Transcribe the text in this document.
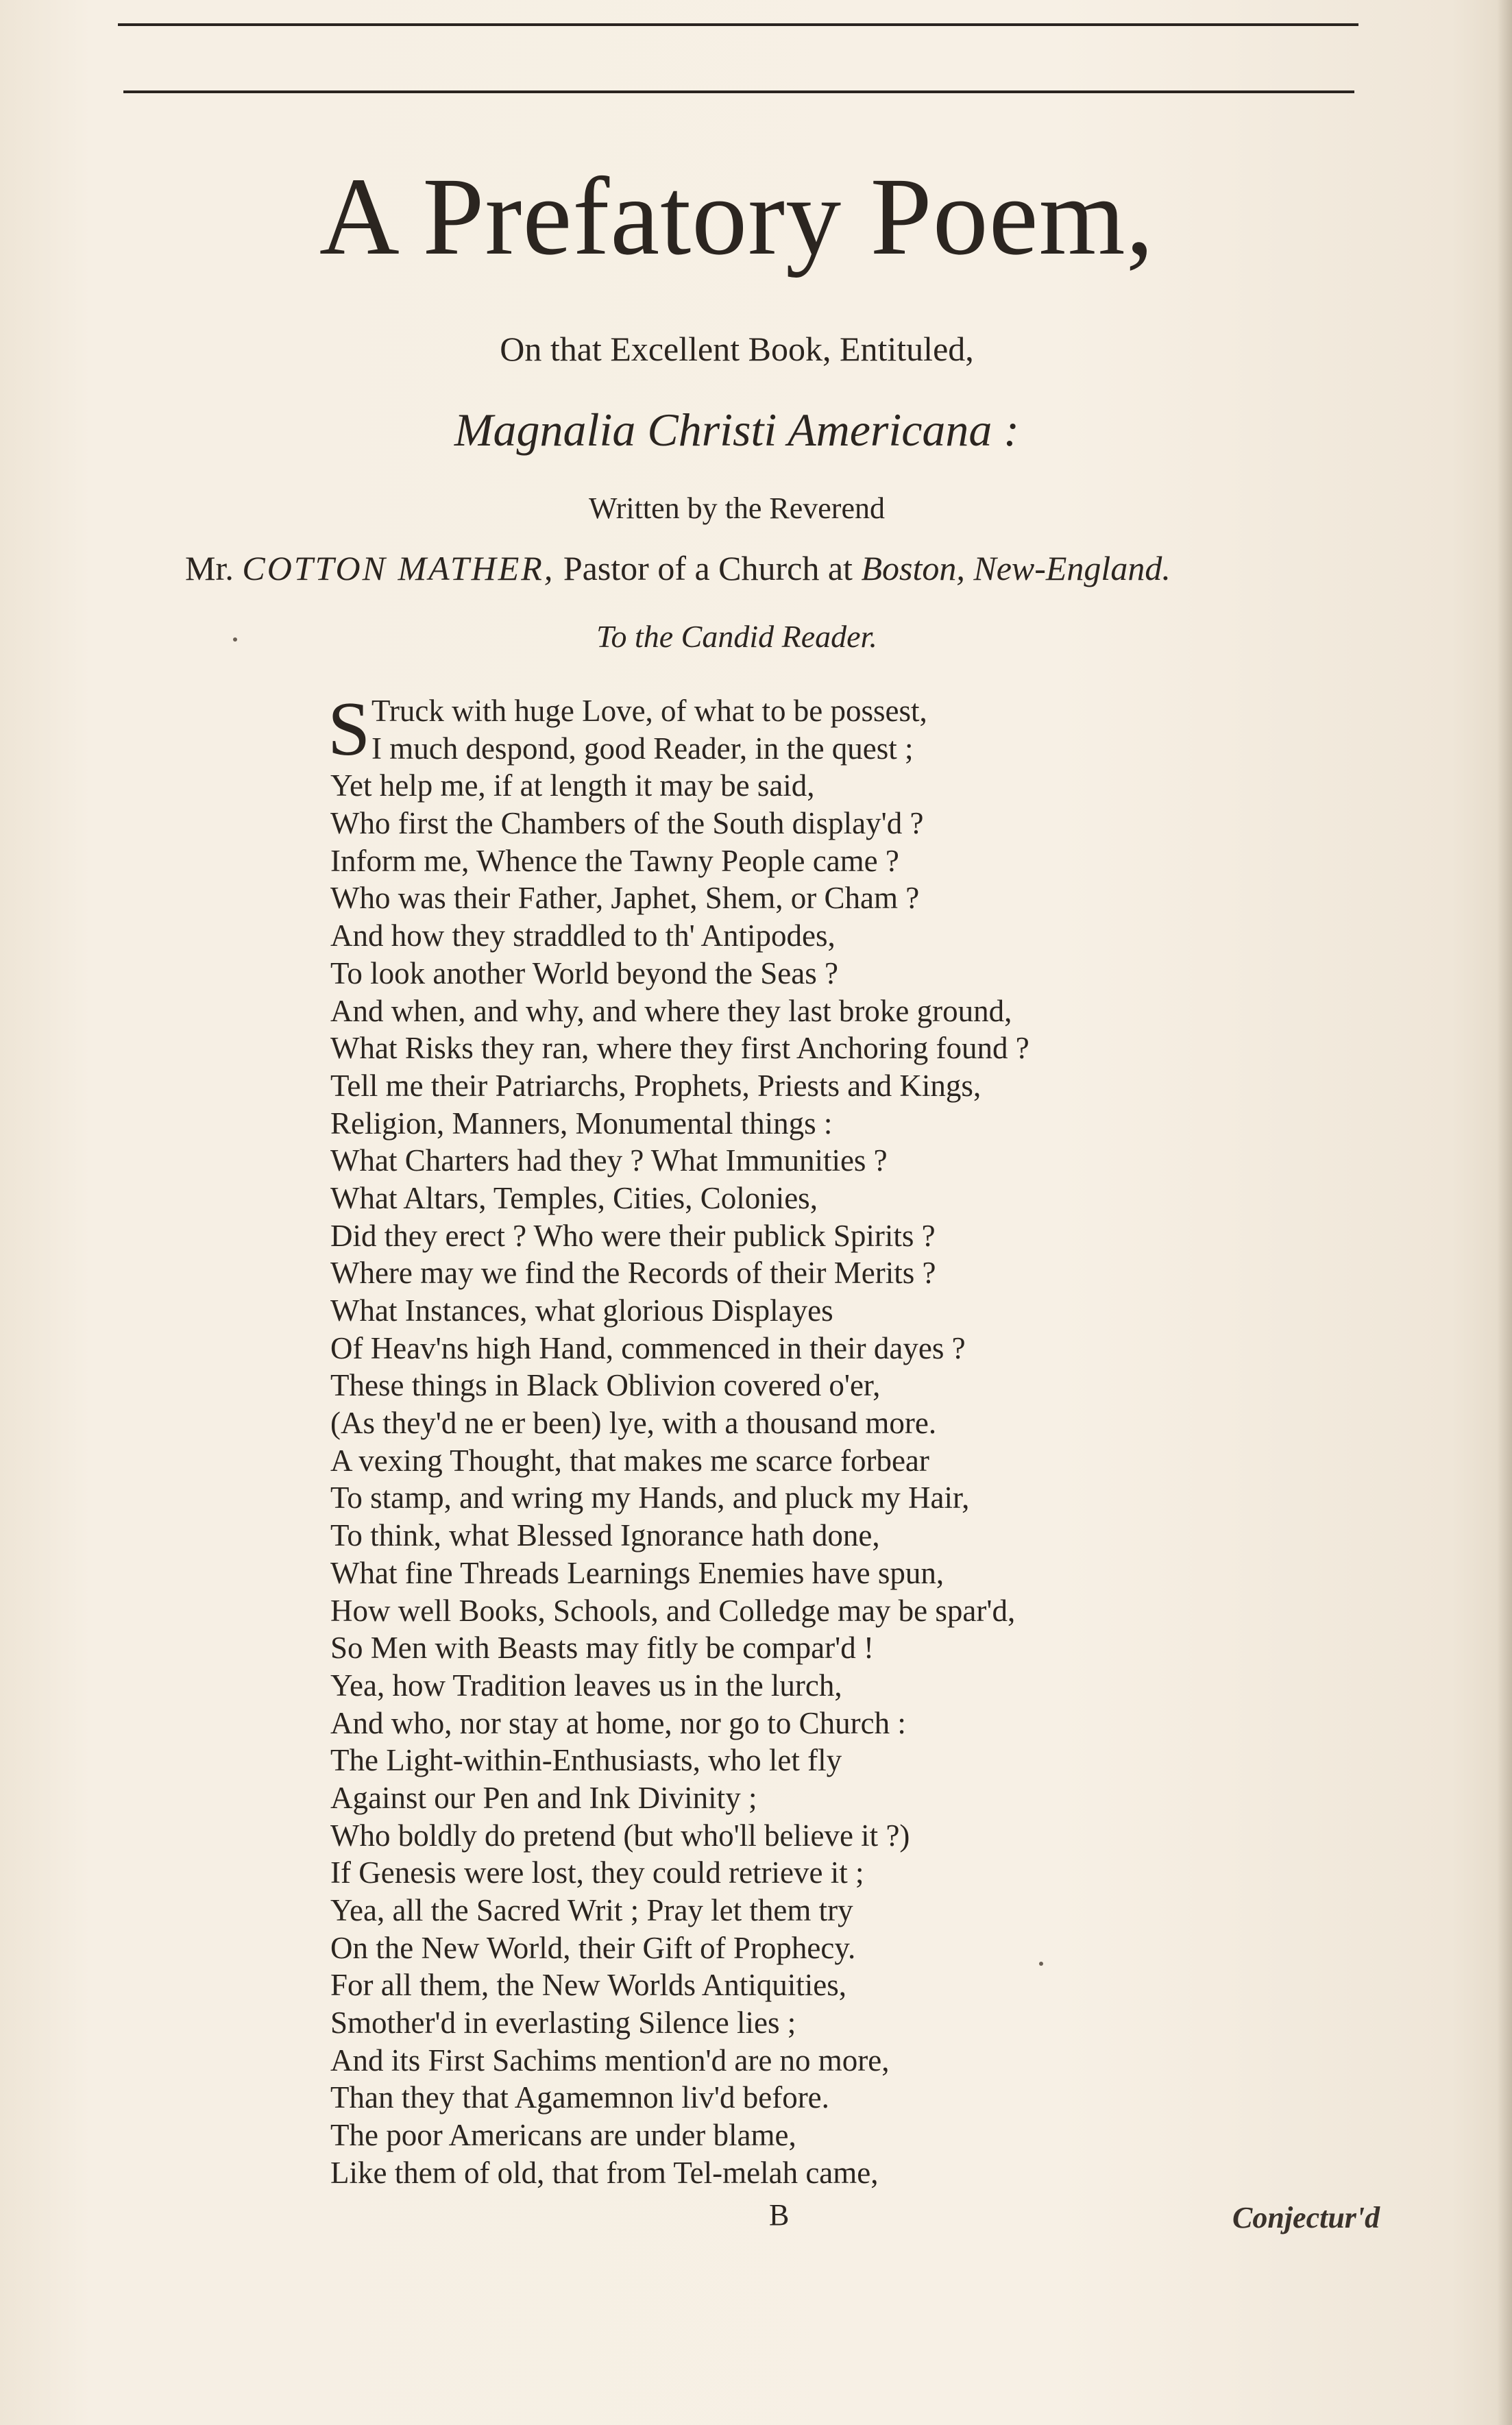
A Prefatory Poem,
On that Excellent Book, Entituled,
Magnalia Christi Americana :
Written by the Reverend
Mr. COTTON MATHER, Pastor of a Church at Boston, New-England.
To the Candid Reader.
S Truck with huge Love, of what to be possest,
I much despond, good Reader, in the quest ;
Yet help me, if at length it may be said,
Who first the Chambers of the South display'd ?
Inform me, Whence the Tawny People came ?
Who was their Father, Japhet, Shem, or Cham ?
And how they straddled to th' Antipodes,
To look another World beyond the Seas ?
And when, and why, and where they last broke ground,
What Risks they ran, where they first Anchoring found ?
Tell me their Patriarchs, Prophets, Priests and Kings,
Religion, Manners, Monumental things :
What Charters had they ? What Immunities ?
What Altars, Temples, Cities, Colonies,
Did they erect ? Who were their publick Spirits ?
Where may we find the Records of their Merits ?
What Instances, what glorious Displayes
Of Heav'ns high Hand, commenced in their dayes ?
These things in Black Oblivion covered o'er,
(As they'd ne er been) lye, with a thousand more.
A vexing Thought, that makes me scarce forbear
To stamp, and wring my Hands, and pluck my Hair,
To think, what Blessed Ignorance hath done,
What fine Threads Learnings Enemies have spun,
How well Books, Schools, and Colledge may be spar'd,
So Men with Beasts may fitly be compar'd !
Yea, how Tradition leaves us in the lurch,
And who, nor stay at home, nor go to Church :
The Light-within-Enthusiasts, who let fly
Against our Pen and Ink Divinity ;
Who boldly do pretend (but who'll believe it ?)
If Genesis were lost, they could retrieve it ;
Yea, all the Sacred Writ ; Pray let them try
On the New World, their Gift of Prophecy.
For all them, the New Worlds Antiquities,
Smother'd in everlasting Silence lies ;
And its First Sachims mention'd are no more,
Than they that Agamemnon liv'd before.
The poor Americans are under blame,
Like them of old, that from Tel-melah came,
B	Conjectur'd
